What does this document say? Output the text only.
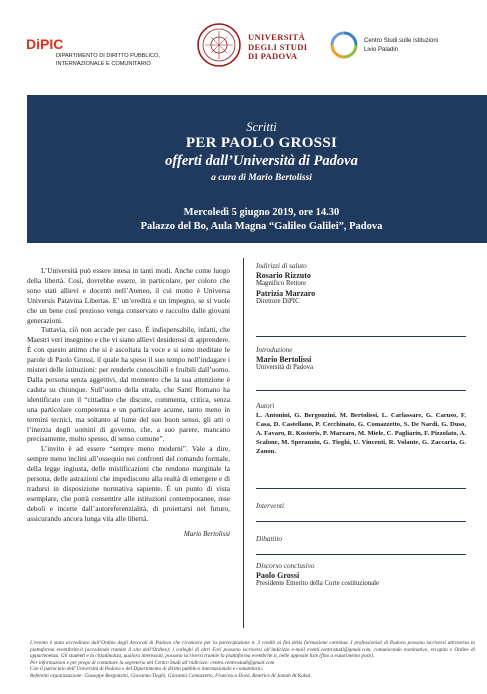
DiPIC
DIPARTIMENTO DI DIRITTO PUBBLICO,
INTERNAZIONALE E COMUNITARIO
UNIVERSITÀ
DEGLI STUDI
DI PADOVA
Centro Studi sulle Istituzioni
Livio Paladin
Scritti
PER PAOLO GROSSI
offerti dall’Università di Padova
a cura di Mario Bertolissi
Mercoledì 5 giugno 2019, ore 14.30
Palazzo del Bo, Aula Magna “Galileo Galilei”, Padova

L’Università può essere intesa in tanti modi. Anche come luogo della libertà. Così, dovrebbe essere, in particolare, per coloro che sono stati allievi e docenti nell’Ateneo, il cui motto è Universa Universis Patavina Libertas. E’ un’eredità e un impegno, se si vuole che un bene così prezioso venga conservato e raccolto dalle giovani generazioni.

Tuttavia, ciò non accade per caso. È indispensabile, infatti, che Maestri veri insegnino e che vi siano allievi desiderosi di apprendere. È con questo animo che si è ascoltata la voce e si sono meditate le parole di Paolo Grossi, il quale ha speso il suo tempo nell’indagare i misteri delle istituzioni: per renderle conoscibili e fruibili dall’uomo. Dalla persona senza aggettivi, dal momento che la sua attenzione è caduta su chiunque. Sull’uomo della strada, che Santi Romano ha identificato con il “cittadino che discute, commenta, critica, senza una particolare competenza e un particolare acume, tanto meno in termini tecnici, ma soltanto al lume del suo buon senso, gli atti o l’inerzia degli uomini di governo, che, a suo parere, mancano precisamente, molto spesso, di senso comune”.

L’invito è ad essere “sempre meno moderni”. Vale a dire, sempre meno inclini all’ossequio nei confronti del comando formale, della legge ingiusta, delle mistificazioni che rendono marginale la persona, delle astrazioni che impediscono alla realtà di emergere e di tradursi in disposizione normativa sapiente. È un punto di vista esemplare, che potrà consentire alle istituzioni contemporanee, rese deboli e incerte dall’autoreferenzialità, di proiettarsi nel futuro, assicurando ancora lunga vita alle libertà.

Mario Bertolissi
Indirizzi di saluto
Rosario Rizzuto
Magnifico Rettore
Patrizia Marzaro
Direttore DiPIC
Introduzione
Mario Bertolissi
Università di Padova
Autori
L. Antonini, G. Bergonzini, M. Bertolissi, L. Carlassare, G. Caruso, F. Casa, D. Castellano, P. Cecchinato, G. Comazzetto, S. De Nardi, G. Duso, A. Favaro, R. Kostoris, P. Marzaro, M. Miele, C. Pagliarin, F. Pizzolato, A. Scalone, M. Speranzin, G. Tieghi, U. Vincenti, R. Volante, G. Zaccaria, G. Zanon.
Interventi
Dibattito
Discorso conclusivo
Paolo Grossi
Presidente Emerito della Corte costituzionale
L’evento è stato accreditato dall’Ordine degli Avvocati di Padova che riconosce per la partecipazione n. 3 crediti ai fini della formazione continua. I professionisti di Padova possono iscriversi attraverso la piattaforma eventibrite.it (accedendo tramite il sito dell’Ordine); i colleghi di altri Fori possono iscriversi all’indirizzo e-mail eventi.centrostudi@gmail.com, comunicando nominativo, recapito e Ordine di appartenenza. Gli studenti e la cittadinanza, qualora interessati, possono iscriversi tramite la piattaforma eventbrite.it, nelle apposite liste (fino a esaurimento posti).
Per informazioni e per prego di contattare la segreteria del Centro Studi all’indirizzo: centro.centrostudi@gmail.com
Con il patrocinio dell’Università di Padova e del Dipartimento di diritto pubblico internazionale e comunitario.
Referenti organizzazione: Giuseppe Bergonzini, Giovanna Tieghi, Giovanni Comazzetto, Francesca Dovà, Beatrice Al Jamah Al Kabal.
